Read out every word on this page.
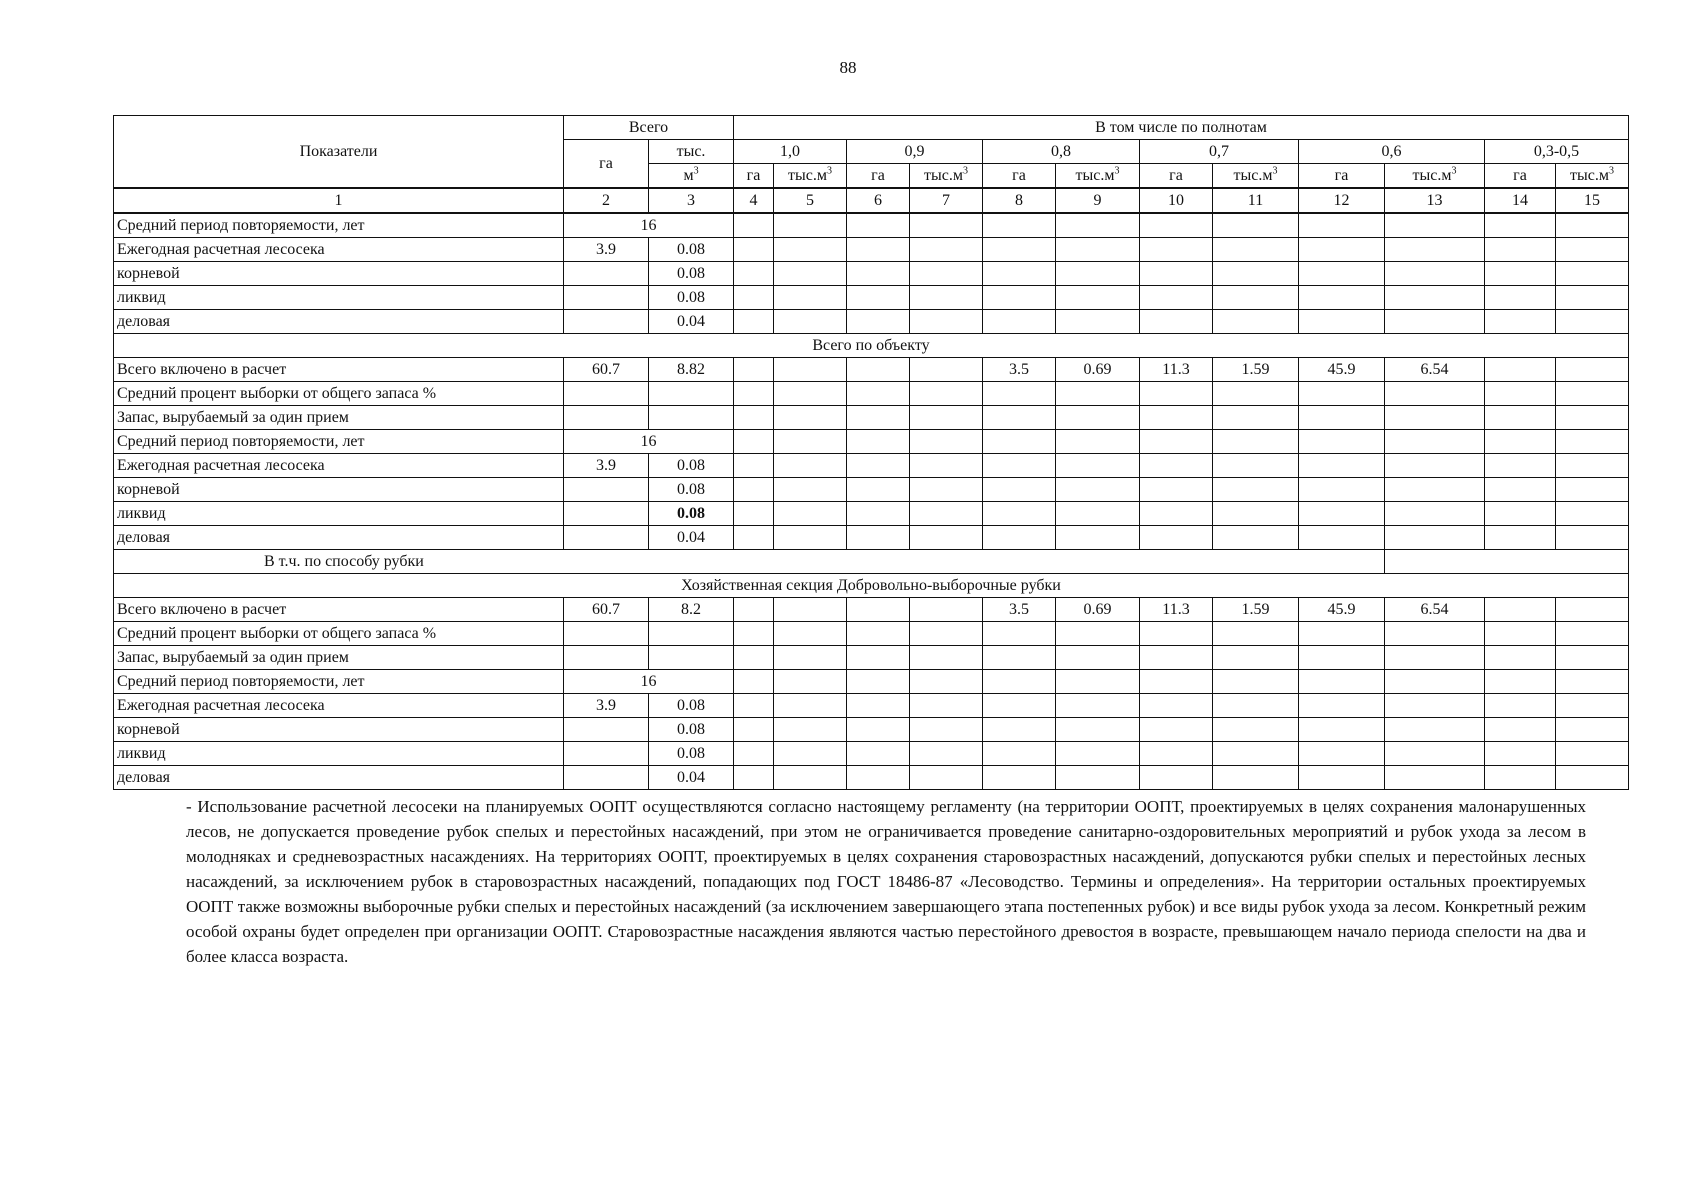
88
Показатели	Всего		В том числе по полнотам											
	га	тыс.	1,0		0,9		0,8		0,7		0,6		0,3-0,5	
		$м^3$	га	$тыс.м^3$	га	$тыс.м^3$	га	$тыс.м^3$	га	$тыс.м^3$	га	$тыс.м^3$	га	$тыс.м^3$
1	2	3	4	5	6	7	8	9	10	11	12	13	14	15
Средний период повторяемости, лет	16													
Ежегодная расчетная лесосека	3.9	0.08												
корневой		0.08												
ликвид		0.08												
деловая		0.04												
Всего по объекту														
Всего включено в расчет	60.7	8.82					3.5	0.69	11.3	1.59	45.9	6.54		
Средний процент выборки от общего запаса %														
Запас, вырубаемый за один прием														
Средний период повторяемости, лет	16													
Ежегодная расчетная лесосека	3.9	0.08												
корневой		0.08												
ликвид		0.08												
деловая		0.04												
В т.ч. по способу рубки														
Хозяйственная секция Добровольно-выборочные рубки														
Всего включено в расчет	60.7	8.2					3.5	0.69	11.3	1.59	45.9	6.54		
Средний процент выборки от общего запаса %														
Запас, вырубаемый за один прием														
Средний период повторяемости, лет	16													
Ежегодная расчетная лесосека	3.9	0.08												
корневой		0.08												
ликвид		0.08												
деловая		0.04												
- Использование расчетной лесосеки на планируемых ООПТ осуществляются согласно настоящему регламенту (на территории ООПТ, проектируемых в целях сохранения малонарушенных лесов, не допускается проведение рубок спелых и перестойных насаждений, при этом не ограничивается проведение санитарно-оздоровительных мероприятий и рубок ухода за лесом в молодняках и средневозрастных насаждениях. На территориях ООПТ, проектируемых в целях сохранения старовозрастных насаждений, допускаются рубки спелых и перестойных лесных насаждений, за исключением рубок в старовозрастных насаждений, попадающих под ГОСТ 18486-87 «Лесоводство. Термины и определения». На территории остальных проектируемых ООПТ также возможны выборочные рубки спелых и перестойных насаждений (за исключением завершающего этапа постепенных рубок) и все виды рубок ухода за лесом. Конкретный режим особой охраны будет определен при организации ООПТ. Старовозрастные насаждения являются частью перестойного древостоя в возрасте, превышающем начало периода спелости на два и более класса возраста.
